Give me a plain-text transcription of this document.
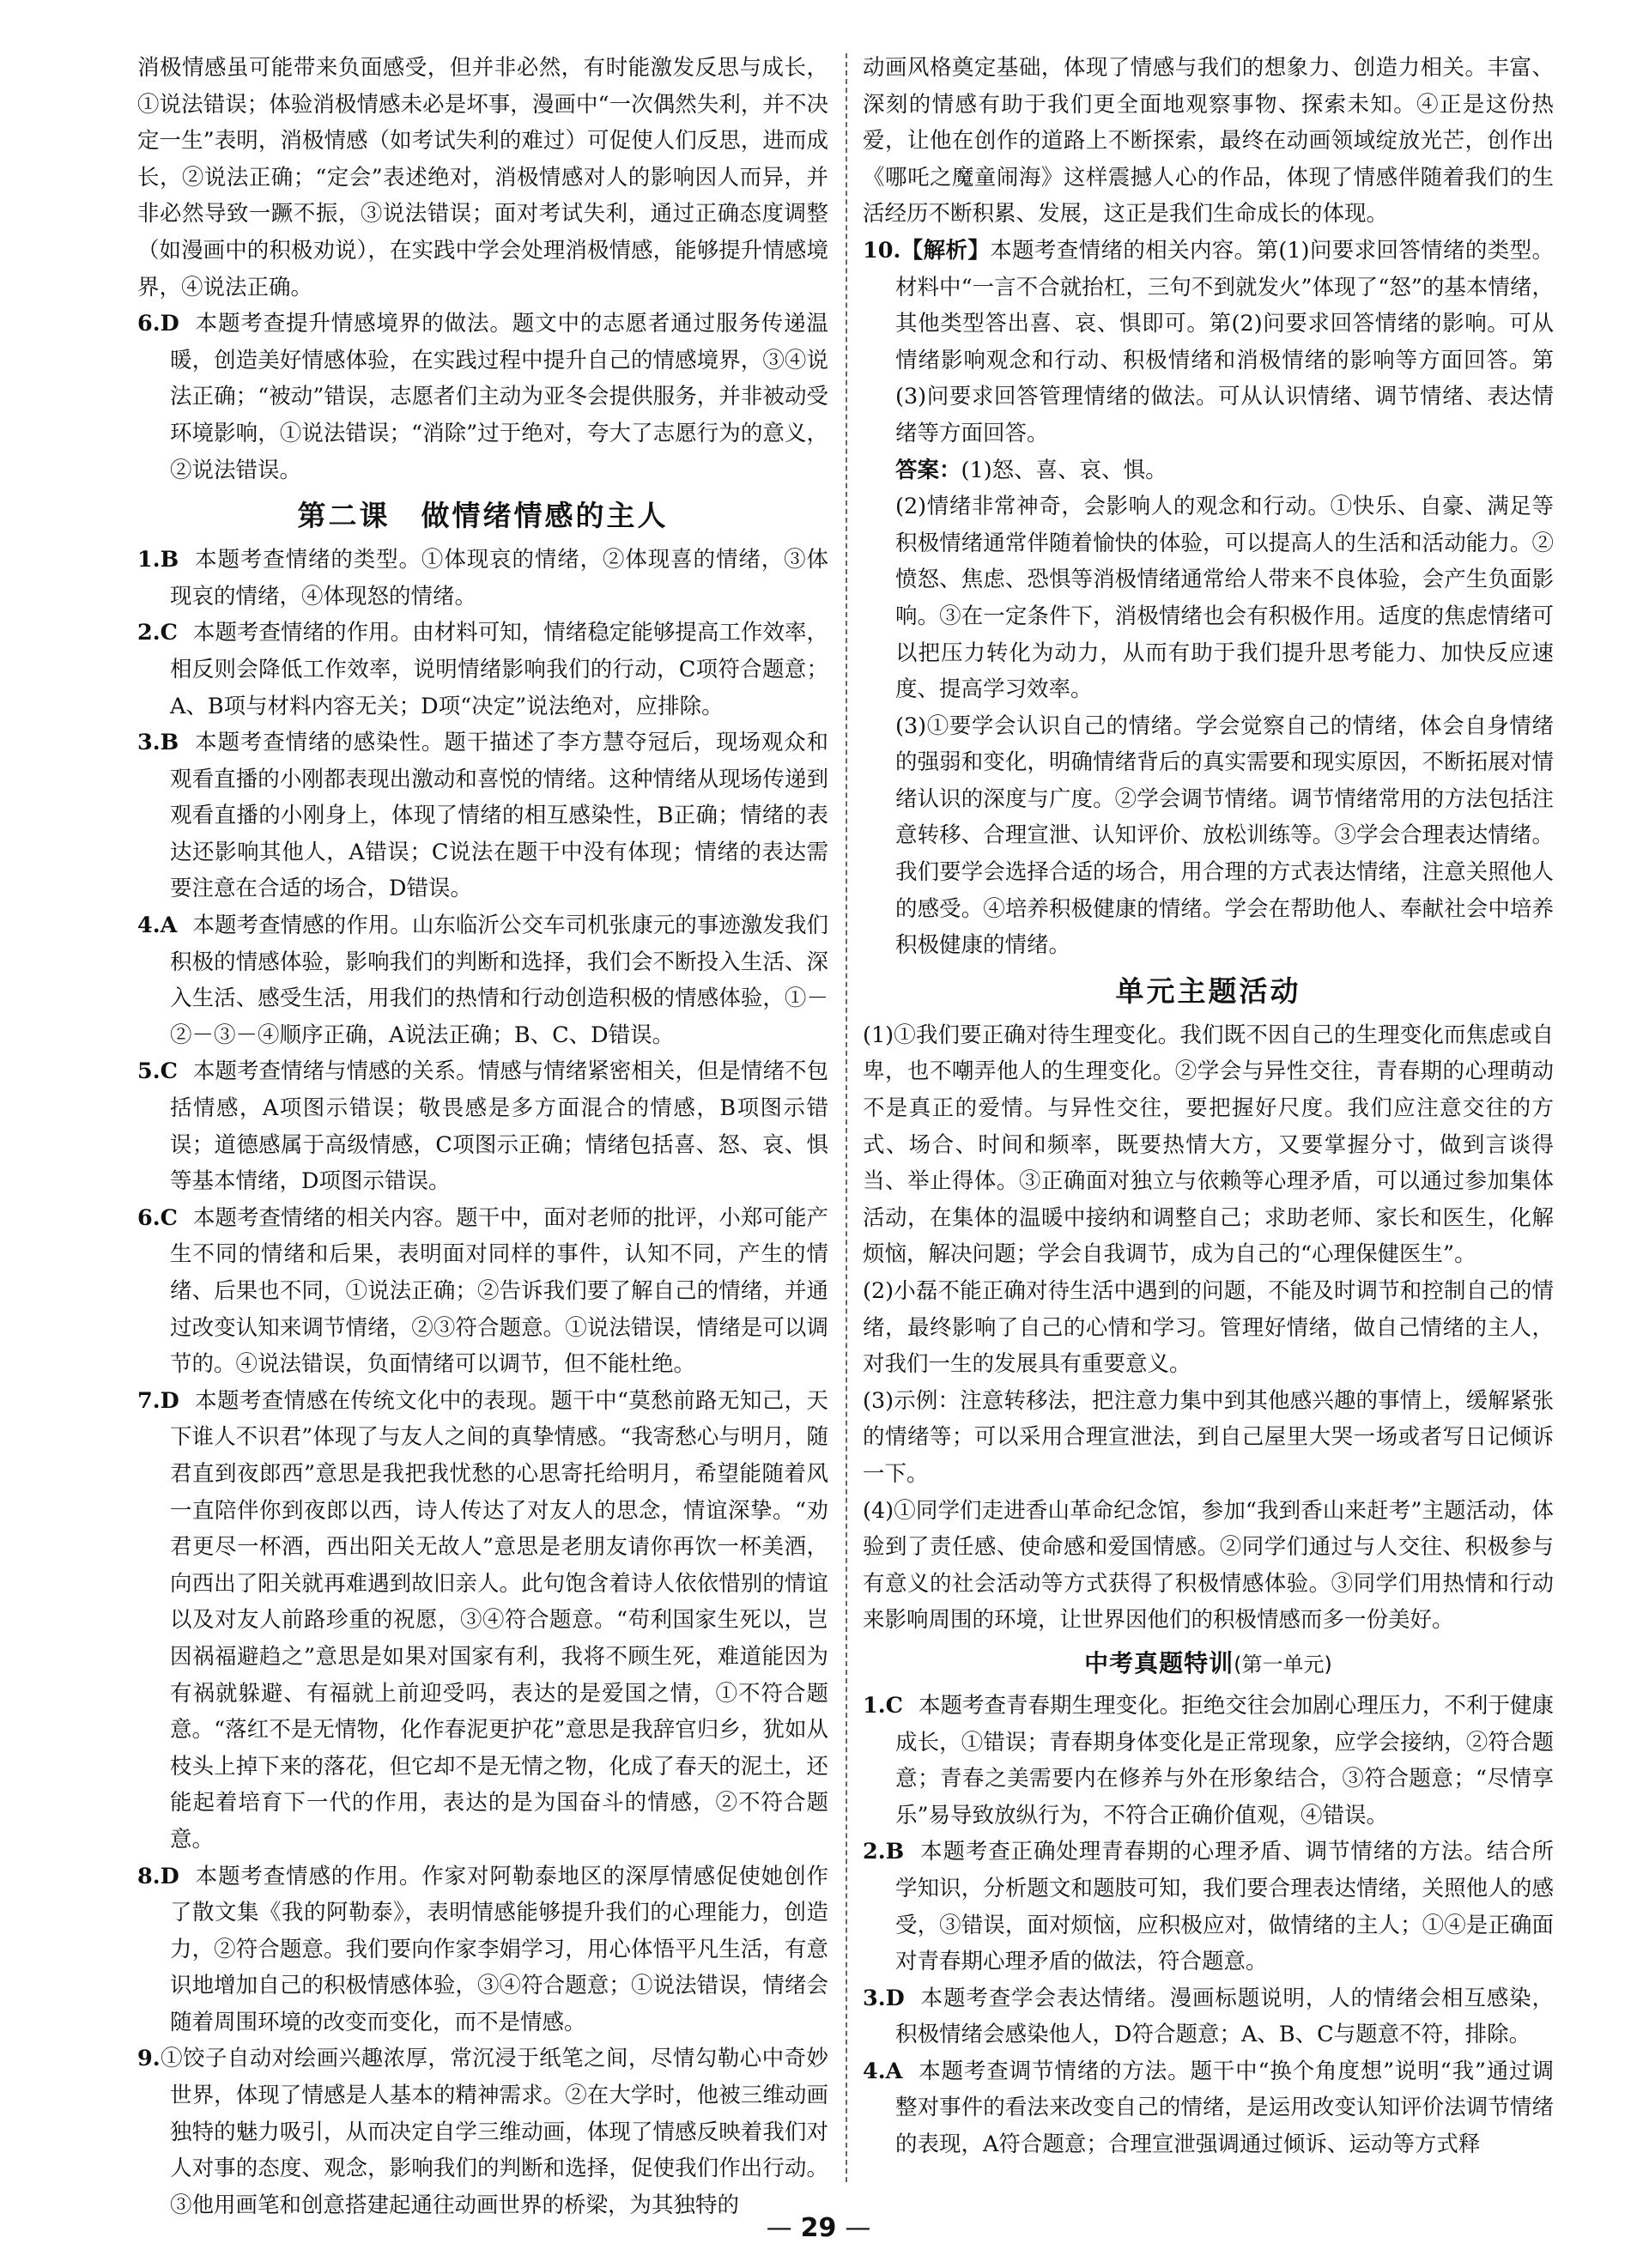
消极情感虽可能带来负面感受，但并非必然，有时能激发反思与成长，①说法错误；体验消极情感未必是坏事，漫画中“一次偶然失利，并不决定一生”表明，消极情感（如考试失利的难过）可促使人们反思，进而成长，②说法正确；“定会”表述绝对，消极情感对人的影响因人而异，并非必然导致一蹶不振，③说法错误；面对考试失利，通过正确态度调整（如漫画中的积极劝说），在实践中学会处理消极情感，能够提升情感境界，④说法正确。

6.D 本题考查提升情感境界的做法。题文中的志愿者通过服务传递温暖，创造美好情感体验，在实践过程中提升自己的情感境界，③④说法正确；“被动”错误，志愿者们主动为亚冬会提供服务，并非被动受环境影响，①说法错误；“消除”过于绝对，夸大了志愿行为的意义，②说法错误。

第二课　做情绪情感的主人

1.B 本题考查情绪的类型。①体现哀的情绪，②体现喜的情绪，③体现哀的情绪，④体现怒的情绪。

2.C 本题考查情绪的作用。由材料可知，情绪稳定能够提高工作效率，相反则会降低工作效率，说明情绪影响我们的行动，C项符合题意；A、B项与材料内容无关；D项“决定”说法绝对，应排除。

3.B 本题考查情绪的感染性。题干描述了李方慧夺冠后，现场观众和观看直播的小刚都表现出激动和喜悦的情绪。这种情绪从现场传递到观看直播的小刚身上，体现了情绪的相互感染性，B正确；情绪的表达还影响其他人，A错误；C说法在题干中没有体现；情绪的表达需要注意在合适的场合，D错误。

4.A 本题考查情感的作用。山东临沂公交车司机张康元的事迹激发我们积极的情感体验，影响我们的判断和选择，我们会不断投入生活、深入生活、感受生活，用我们的热情和行动创造积极的情感体验，①－②－③－④顺序正确，A说法正确；B、C、D错误。

5.C 本题考查情绪与情感的关系。情感与情绪紧密相关，但是情绪不包括情感，A项图示错误；敬畏感是多方面混合的情感，B项图示错误；道德感属于高级情感，C项图示正确；情绪包括喜、怒、哀、惧等基本情绪，D项图示错误。

6.C 本题考查情绪的相关内容。题干中，面对老师的批评，小郑可能产生不同的情绪和后果，表明面对同样的事件，认知不同，产生的情绪、后果也不同，①说法正确；②告诉我们要了解自己的情绪，并通过改变认知来调节情绪，②③符合题意。①说法错误，情绪是可以调节的。④说法错误，负面情绪可以调节，但不能杜绝。

7.D 本题考查情感在传统文化中的表现。题干中“莫愁前路无知己，天下谁人不识君”体现了与友人之间的真挚情感。“我寄愁心与明月，随君直到夜郎西”意思是我把我忧愁的心思寄托给明月，希望能随着风一直陪伴你到夜郎以西，诗人传达了对友人的思念，情谊深挚。“劝君更尽一杯酒，西出阳关无故人”意思是老朋友请你再饮一杯美酒，向西出了阳关就再难遇到故旧亲人。此句饱含着诗人依依惜别的情谊以及对友人前路珍重的祝愿，③④符合题意。“苟利国家生死以，岂因祸福避趋之”意思是如果对国家有利，我将不顾生死，难道能因为有祸就躲避、有福就上前迎受吗，表达的是爱国之情，①不符合题意。“落红不是无情物，化作春泥更护花”意思是我辞官归乡，犹如从枝头上掉下来的落花，但它却不是无情之物，化成了春天的泥土，还能起着培育下一代的作用，表达的是为国奋斗的情感，②不符合题意。

8.D 本题考查情感的作用。作家对阿勒泰地区的深厚情感促使她创作了散文集《我的阿勒泰》，表明情感能够提升我们的心理能力，创造力，②符合题意。我们要向作家李娟学习，用心体悟平凡生活，有意识地增加自己的积极情感体验，③④符合题意；①说法错误，情绪会随着周围环境的改变而变化，而不是情感。

9.①饺子自动对绘画兴趣浓厚，常沉浸于纸笔之间，尽情勾勒心中奇妙世界，体现了情感是人基本的精神需求。②在大学时，他被三维动画独特的魅力吸引，从而决定自学三维动画，体现了情感反映着我们对人对事的态度、观念，影响我们的判断和选择，促使我们作出行动。③他用画笔和创意搭建起通往动画世界的桥梁，为其独特的

动画风格奠定基础，体现了情感与我们的想象力、创造力相关。丰富、深刻的情感有助于我们更全面地观察事物、探索未知。④正是这份热爱，让他在创作的道路上不断探索，最终在动画领域绽放光芒，创作出《哪吒之魔童闹海》这样震撼人心的作品，体现了情感伴随着我们的生活经历不断积累、发展，这正是我们生命成长的体现。

10.【解析】本题考查情绪的相关内容。第(1)问要求回答情绪的类型。材料中“一言不合就抬杠，三句不到就发火”体现了“怒”的基本情绪，其他类型答出喜、哀、惧即可。第(2)问要求回答情绪的影响。可从情绪影响观念和行动、积极情绪和消极情绪的影响等方面回答。第(3)问要求回答管理情绪的做法。可从认识情绪、调节情绪、表达情绪等方面回答。

答案：(1)怒、喜、哀、惧。

(2)情绪非常神奇，会影响人的观念和行动。①快乐、自豪、满足等积极情绪通常伴随着愉快的体验，可以提高人的生活和活动能力。②愤怒、焦虑、恐惧等消极情绪通常给人带来不良体验，会产生负面影响。③在一定条件下，消极情绪也会有积极作用。适度的焦虑情绪可以把压力转化为动力，从而有助于我们提升思考能力、加快反应速度、提高学习效率。

(3)①要学会认识自己的情绪。学会觉察自己的情绪，体会自身情绪的强弱和变化，明确情绪背后的真实需要和现实原因，不断拓展对情绪认识的深度与广度。②学会调节情绪。调节情绪常用的方法包括注意转移、合理宣泄、认知评价、放松训练等。③学会合理表达情绪。我们要学会选择合适的场合，用合理的方式表达情绪，注意关照他人的感受。④培养积极健康的情绪。学会在帮助他人、奉献社会中培养积极健康的情绪。

单元主题活动

(1)①我们要正确对待生理变化。我们既不因自己的生理变化而焦虑或自卑，也不嘲弄他人的生理变化。②学会与异性交往，青春期的心理萌动不是真正的爱情。与异性交往，要把握好尺度。我们应注意交往的方式、场合、时间和频率，既要热情大方，又要掌握分寸，做到言谈得当、举止得体。③正确面对独立与依赖等心理矛盾，可以通过参加集体活动，在集体的温暖中接纳和调整自己；求助老师、家长和医生，化解烦恼，解决问题；学会自我调节，成为自己的“心理保健医生”。

(2)小磊不能正确对待生活中遇到的问题，不能及时调节和控制自己的情绪，最终影响了自己的心情和学习。管理好情绪，做自己情绪的主人，对我们一生的发展具有重要意义。

(3)示例：注意转移法，把注意力集中到其他感兴趣的事情上，缓解紧张的情绪等；可以采用合理宣泄法，到自己屋里大哭一场或者写日记倾诉一下。

(4)①同学们走进香山革命纪念馆，参加“我到香山来赶考”主题活动，体验到了责任感、使命感和爱国情感。②同学们通过与人交往、积极参与有意义的社会活动等方式获得了积极情感体验。③同学们用热情和行动来影响周围的环境，让世界因他们的积极情感而多一份美好。

中考真题特训(第一单元)

1.C 本题考查青春期生理变化。拒绝交往会加剧心理压力，不利于健康成长，①错误；青春期身体变化是正常现象，应学会接纳，②符合题意；青春之美需要内在修养与外在形象结合，③符合题意；“尽情享乐”易导致放纵行为，不符合正确价值观，④错误。

2.B 本题考查正确处理青春期的心理矛盾、调节情绪的方法。结合所学知识，分析题文和题肢可知，我们要合理表达情绪，关照他人的感受，③错误，面对烦恼，应积极应对，做情绪的主人；①④是正确面对青春期心理矛盾的做法，符合题意。

3.D 本题考查学会表达情绪。漫画标题说明，人的情绪会相互感染，积极情绪会感染他人，D符合题意；A、B、C与题意不符，排除。

4.A 本题考查调节情绪的方法。题干中“换个角度想”说明“我”通过调整对事件的看法来改变自己的情绪，是运用改变认知评价法调节情绪的表现，A符合题意；合理宣泄强调通过倾诉、运动等方式释

— 29 —
